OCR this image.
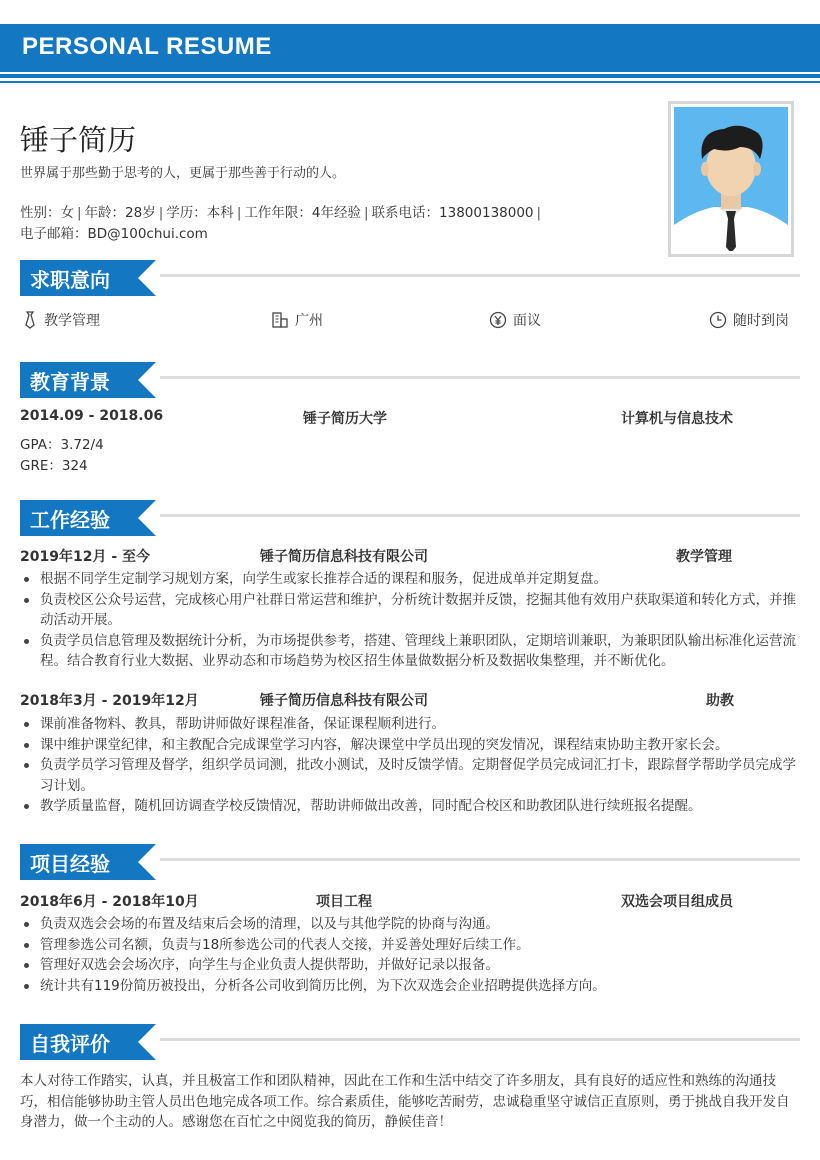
PERSONAL RESUME
锤子简历
世界属于那些勤于思考的人，更属于那些善于行动的人。
性别：女 | 年龄：28岁 | 学历：本科 | 工作年限：4年经验 | 联系电话：13800138000 |
电子邮箱：BD@100chui.com
求职意向
教学管理	广州	面议	随时到岗
教育背景
2014.09 - 2018.06	锤子简历大学	计算机与信息技术
GPA：3.72/4
GRE：324
工作经验
2019年12月 - 至今	锤子简历信息科技有限公司	教学管理
根据不同学生定制学习规划方案，向学生或家长推荐合适的课程和服务，促进成单并定期复盘。
负责校区公众号运营，完成核心用户社群日常运营和维护，分析统计数据并反馈，挖掘其他有效用户获取渠道和转化方式，并推动活动开展。
负责学员信息管理及数据统计分析，为市场提供参考，搭建、管理线上兼职团队，定期培训兼职，为兼职团队输出标准化运营流程。结合教育行业大数据、业界动态和市场趋势为校区招生体量做数据分析及数据收集整理，并不断优化。
2018年3月 - 2019年12月	锤子简历信息科技有限公司	助教
课前准备物料、教具，帮助讲师做好课程准备，保证课程顺利进行。
课中维护课堂纪律，和主教配合完成课堂学习内容，解决课堂中学员出现的突发情况，课程结束协助主教开家长会。
负责学员学习管理及督学，组织学员词测，批改小测试，及时反馈学情。定期督促学员完成词汇打卡，跟踪督学帮助学员完成学习计划。
教学质量监督，随机回访调查学校反馈情况，帮助讲师做出改善，同时配合校区和助教团队进行续班报名提醒。
项目经验
2018年6月 - 2018年10月	项目工程	双选会项目组成员
负责双选会会场的布置及结束后会场的清理，以及与其他学院的协商与沟通。
管理参选公司名额，负责与18所参选公司的代表人交接，并妥善处理好后续工作。
管理好双选会会场次序，向学生与企业负责人提供帮助，并做好记录以报备。
统计共有119份简历被投出，分析各公司收到简历比例，为下次双选会企业招聘提供选择方向。
自我评价

本人对待工作踏实，认真，并且极富工作和团队精神，因此在工作和生活中结交了许多朋友，具有良好的适应性和熟练的沟通技巧，相信能够协助主管人员出色地完成各项工作。综合素质佳，能够吃苦耐劳，忠诚稳重坚守诚信正直原则，勇于挑战自我开发自身潜力，做一个主动的人。感谢您在百忙之中阅览我的简历，静候佳音！
